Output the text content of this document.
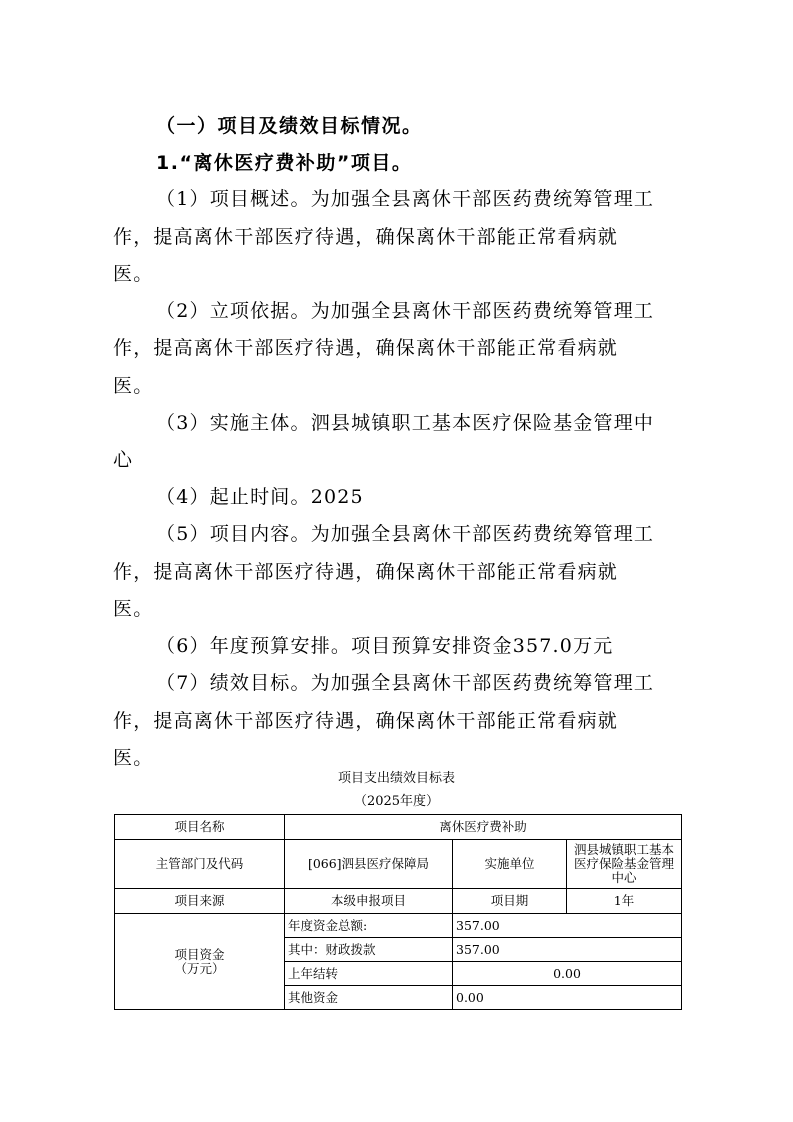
（一）项目及绩效目标情况。
1.“离休医疗费补助”项目。
（1）项目概述。为加强全县离休干部医药费统筹管理工
作，提高离休干部医疗待遇，确保离休干部能正常看病就
医。
（2）立项依据。为加强全县离休干部医药费统筹管理工
作，提高离休干部医疗待遇，确保离休干部能正常看病就
医。
（3）实施主体。泗县城镇职工基本医疗保险基金管理中
心
（4）起止时间。2025
（5）项目内容。为加强全县离休干部医药费统筹管理工
作，提高离休干部医疗待遇，确保离休干部能正常看病就
医。
（6）年度预算安排。项目预算安排资金357.0万元
（7）绩效目标。为加强全县离休干部医药费统筹管理工
作，提高离休干部医疗待遇，确保离休干部能正常看病就
医。
项目支出绩效目标表
（2025年度）
项目名称	离休医疗费补助		
主管部门及代码	[066]泗县医疗保障局	实施单位	泗县城镇职工基本医疗保险基金管理中心
项目来源	本级申报项目	项目期	1年

项目资金
（万元）	年度资金总额:	357.00	
	其中：财政拨款	357.00	
	上年结转	0.00	
	其他资金	0.00	
